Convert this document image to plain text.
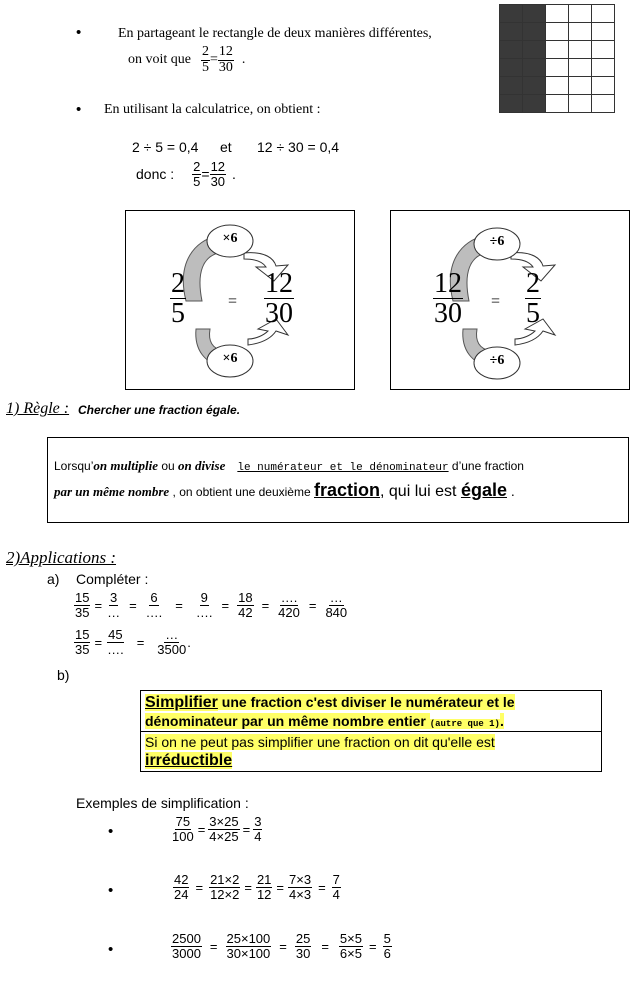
•	En partageant le rectangle de deux manières différentes,
on voit que $\frac{2}{5} = \frac{12}{30}$ .

• En utilisant la calculatrice, on obtient :
2 ÷ 5 = 0,4 et 12 ÷ 30 = 0,4
donc : $\frac{2}{5} = \frac{12}{30}$ .
×6
×6
$\frac{2}{5}$	= $\frac{12}{30}$
÷6
÷6
$\frac{12}{30} = \frac{2}{5}$
1) Règle : Chercher une fraction égale.
Lorsqu’on multiplie ou on divise le numérateur et le dénominateur d’une fraction
par un même nombre , on obtient une deuxième fraction, qui lui est égale .
2)Applications :
a) Compléter :
$\frac{15}{35} = \frac{3}{\dots} = \frac{6}{\dots.} = \frac{9}{\dots.} = \frac{18}{42} = \frac{\dots.}{420} = \frac{\dots}{840}$
$\frac{15}{35} = \frac{45}{\dots.} = \frac{\dots}{3500}$ .
b)
Simplifier une fraction c'est diviser le numérateur et le dénominateur par un même nombre entier (autre que 1).
Si on ne peut pas simplifier une fraction on dit qu'elle est
irréductible
Exemples de simplification :
•	$\frac{75}{100} = \frac{3\times 25}{4\times 25} = \frac{3}{4}$
•	$\frac{42}{24} = \frac{21\times 2}{12\times 2} = \frac{21}{12} = \frac{7\times 3}{4\times 3} = \frac{7}{4}$
•	$\frac{2500}{3000} = \frac{25\times 100}{30\times 100} = \frac{25}{30} = \frac{5\times 5}{6\times 5} = \frac{5}{6}$
